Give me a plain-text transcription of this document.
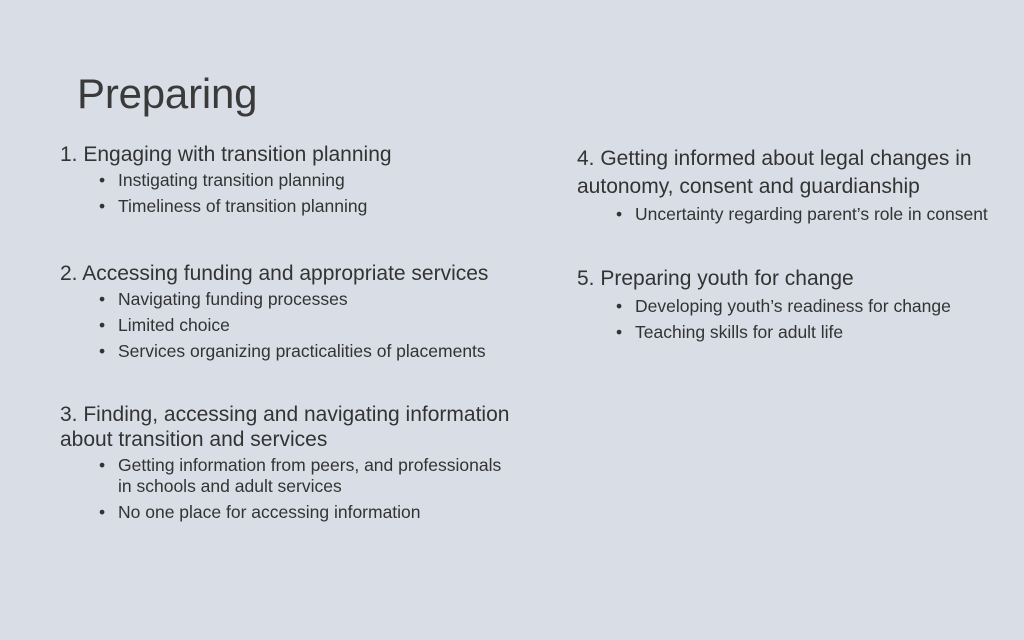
Preparing

1. Engaging with transition planning

• Instigating transition planning
• Timeliness of transition planning

2. Accessing funding and appropriate services

• Navigating funding processes
• Limited choice
• Services organizing practicalities of placements

3. Finding, accessing and navigating information about transition and services

• Getting information from peers, and professionals in schools and adult services
• No one place for accessing information

4. Getting informed about legal changes in autonomy, consent and guardianship

• Uncertainty regarding parent’s role in consent

5. Preparing youth for change

• Developing youth’s readiness for change
• Teaching skills for adult life
